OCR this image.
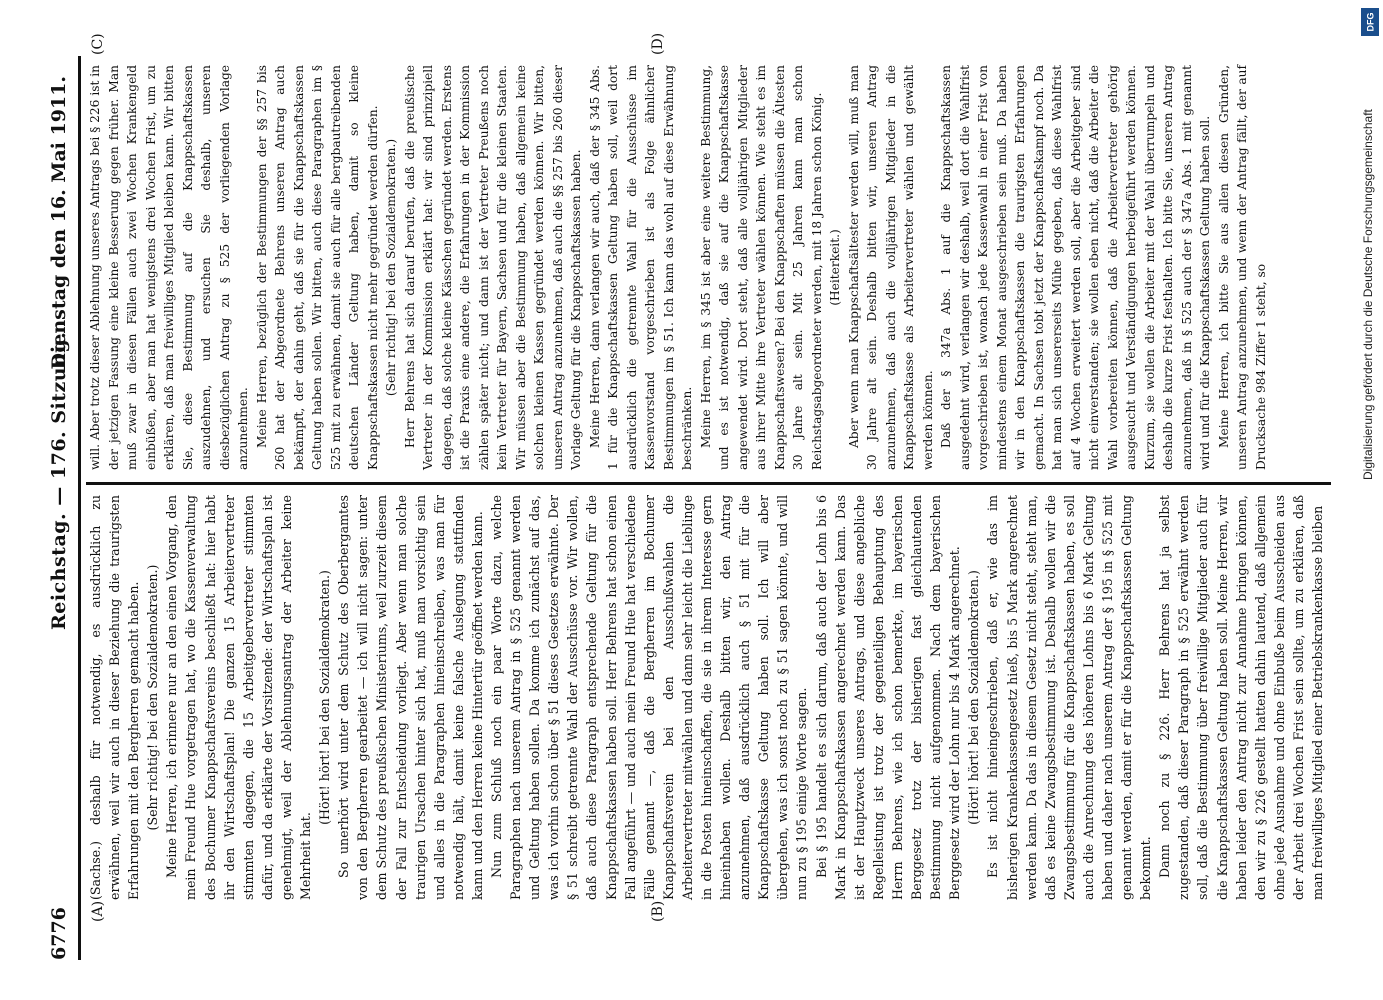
6776
Reichstag. — 176. Sitzung.
Dienstag den 16. Mai 1911.
(A)	(B)
(C)	(D)

(Sachse.) deshalb für notwendig, es ausdrücklich zu erwähnen, weil wir auch in dieser Beziehung die traurigsten Erfahrungen mit den Bergherren gemacht haben. (Sehr richtig! bei den Sozialdemokraten.) Meine Herren, ich erinnere nur an den einen Vorgang, den mein Freund Hue vorgetragen hat, wo die Kassenverwaltung des Bochumer Knappschaftsvereins beschließt hat: hier habt ihr den Wirtschaftsplan! Die ganzen 15 Arbeitervertreter stimmten dagegen, die 15 Arbeitgebervertreter stimmten dafür, und da erklärte der Vorsitzende: der Wirtschaftsplan ist genehmigt, weil der Ablehnungsantrag der Arbeiter keine Mehrheit hat.

(Hört! hört! bei den Sozialdemokraten.) So unerhört wird unter dem Schutz des Oberbergamtes von den Bergherren gearbeitet — ich will nicht sagen: unter dem Schutz des preußischen Ministeriums, weil zurzeit diesem der Fall zur Entscheidung vorliegt. Aber wenn man solche traurigen Ursachen hinter sich hat, muß man vorsichtig sein und alles in die Paragraphen hineinschreiben, was man für notwendig hält, damit keine falsche Auslegung stattfinden kann und den Herren keine Hintertür geöffnet werden kann. Nun zum Schluß noch ein paar Worte dazu, welche Paragraphen nach unserem Antrag in § 525 genannt werden und Geltung haben sollen. Da komme ich zunächst auf das, was ich vorhin schon über § 51 dieses Gesetzes erwähnte. Der § 51 schreibt getrennte Wahl der Ausschüsse vor. Wir wollen, daß auch diese Paragraph entsprechende Geltung für die Knappschaftskassen haben soll. Herr Behrens hat schon einen Fall angeführt — und auch mein Freund Hue hat verschiedene Fälle genannt —, daß die Bergherren im Bochumer Knappschaftsverein bei den Ausschußwahlen die Arbeitervertreter mitwählen und dann sehr leicht die Lieblinge in die Posten hineinschaffen, die sie in ihrem Interesse gern hineinhaben wollen. Deshalb bitten wir, den Antrag anzunehmen, daß ausdrücklich auch § 51 mit für die Knappschaftskasse Geltung haben soll. Ich will aber übergehen, was ich sonst noch zu § 51 sagen könnte, und will nun zu § 195 einige Worte sagen. Bei § 195 handelt es sich darum, daß auch der Lohn bis 6 Mark in Knappschaftskassen angerechnet werden kann. Das ist der Hauptzweck unseres Antrags, und diese angebliche Regelleistung ist trotz der gegenteiligen Behauptung des Herrn Behrens, wie ich schon bemerkte, im bayerischen Berggesetz trotz der bisherigen fast gleichlautenden Bestimmung nicht aufgenommen. Nach dem bayerischen Berggesetz wird der Lohn nur bis 4 Mark angerechnet. (Hört! hört! bei den Sozialdemokraten.) Es ist nicht hineingeschrieben, daß er, wie das im bisherigen Krankenkassengesetz hieß, bis 5 Mark angerechnet werden kann. Da das in diesem Gesetz nicht steht, steht man, daß es keine Zwangsbestimmung ist. Deshalb wollen wir die Zwangsbestimmung für die Knappschaftskassen haben, es soll auch die Anrechnung des höheren Lohns bis 6 Mark Geltung haben und daher nach unserem Antrag der § 195 in § 525 mit genannt werden, damit er für die Knappschaftskassen Geltung bekommt. Dann noch zu § 226. Herr Behrens hat ja selbst zugestanden, daß dieser Paragraph in § 525 erwähnt werden soll, daß die Bestimmung über freiwillige Mitglieder auch für die Knappschaftskassen Geltung haben soll. Meine Herren, wir haben leider den Antrag nicht zur Annahme bringen können, den wir zu § 226 gestellt hatten dahin lautend, daß allgemein ohne jede Ausnahme und ohne Einbuße beim Ausscheiden aus der Arbeit drei Wochen Frist sein sollte, um zu erklären, daß man freiwilliges Mitglied einer Betriebskrankenkasse bleiben

will. Aber trotz dieser Ablehnung unseres Antrags bei § 226 ist in der jetzigen Fassung eine kleine Besserung gegen früher. Man muß zwar in diesen Fällen auch zwei Wochen Krankengeld einbüßen, aber man hat wenigstens drei Wochen Frist, um zu erklären, daß man freiwilliges Mitglied bleiben kann. Wir bitten Sie, diese Bestimmung auf die Knappschaftskassen auszudehnen, und ersuchen Sie deshalb, unseren diesbezüglichen Antrag zu § 525 der vorliegenden Vorlage anzunehmen. Meine Herren, bezüglich der Bestimmungen der §§ 257 bis 260 hat der Abgeordnete Behrens unseren Antrag auch bekämpft, der dahin geht, daß sie für die Knappschaftskassen Geltung haben sollen. Wir bitten, auch diese Paragraphen im § 525 mit zu erwähnen, damit sie auch für alle bergbautreibenden deutschen Länder Geltung haben, damit so kleine Knappschaftskassen nicht mehr gegründet werden dürfen. (Sehr richtig! bei den Sozialdemokraten.) Herr Behrens hat sich darauf berufen, daß die preußische Vertreter in der Kommission erklärt hat: wir sind prinzipiell dagegen, daß solche kleine Kässchen gegründet werden. Erstens ist die Praxis eine andere, die Erfahrungen in der Kommission zählen später nicht; und dann ist der Vertreter Preußens noch kein Vertreter für Bayern, Sachsen und für die kleinen Staaten. Wir müssen aber die Bestimmung haben, daß allgemein keine solchen kleinen Kassen gegründet werden können. Wir bitten, unseren Antrag anzunehmen, daß auch die §§ 257 bis 260 dieser Vorlage Geltung für die Knappschaftskassen haben. Meine Herren, dann verlangen wir auch, daß der § 345 Abs. 1 für die Knappschaftskassen Geltung haben soll, weil dort ausdrücklich die getrennte Wahl für die Ausschüsse im Kassenvorstand vorgeschrieben ist als Folge ähnlicher Bestimmungen im § 51. Ich kann das wohl auf diese Erwähnung beschränken. Meine Herren, im § 345 ist aber eine weitere Bestimmung, und es ist notwendig, daß sie auf die Knappschaftskasse angewendet wird. Dort steht, daß alle volljährigen Mitglieder aus ihrer Mitte ihre Vertreter wählen können. Wie steht es im Knappschaftswesen? Bei den Knappschaften müssen die Ältesten 30 Jahre alt sein. Mit 25 Jahren kann man schon Reichstagsabgeordneter werden, mit 18 Jahren schon König. (Heiterkeit.) Aber wenn man Knappschaftsältester werden will, muß man 30 Jahre alt sein. Deshalb bitten wir, unseren Antrag anzunehmen, daß auch die volljährigen Mitglieder in die Knappschaftskasse als Arbeitervertreter wählen und gewählt werden können. Daß der § 347a Abs. 1 auf die Knappschaftskassen ausgedehnt wird, verlangen wir deshalb, weil dort die Wahlfrist vorgeschrieben ist, wonach jede Kassenwahl in einer Frist von mindestens einem Monat ausgeschrieben sein muß. Da haben wir in den Knappschaftskassen die traurigsten Erfahrungen gemacht. In Sachsen tobt jetzt der Knappschaftskampf noch. Da hat man sich unsererseits Mühe gegeben, daß diese Wahlfrist auf 4 Wochen erweitert werden soll, aber die Arbeitgeber sind nicht einverstanden; sie wollen eben nicht, daß die Arbeiter die Wahl vorbereiten können, daß die Arbeitervertreter gehörig ausgesucht und Verständigungen herbeigeführt werden können. Kurzum, sie wollen die Arbeiter mit der Wahl überrumpeln und deshalb die kurze Frist festhalten. Ich bitte Sie, unseren Antrag anzunehmen, daß in § 525 auch der § 347a Abs. 1 mit genannt wird und für die Knappschaftskassen Geltung haben soll. Meine Herren, ich bitte Sie aus allen diesen Gründen, unseren Antrag anzunehmen, und wenn der Antrag fällt, der auf Drucksache 984 Ziffer 1 steht, so	Digitalisierung gefördert durch die Deutsche Forschungsgemeinschaft
DFG
